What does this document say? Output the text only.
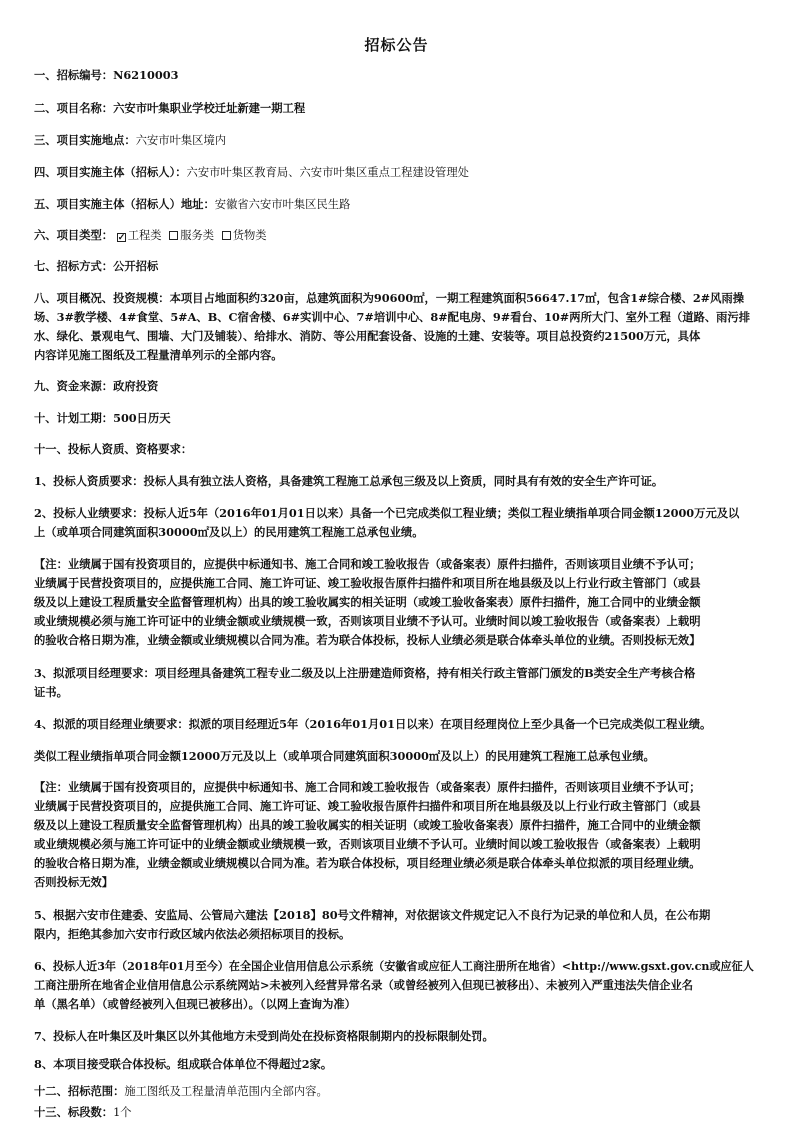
招标公告
一、招标编号：N6210003
二、项目名称：六安市叶集职业学校迁址新建一期工程
三、项目实施地点：六安市叶集区境内
四、项目实施主体（招标人）：六安市叶集区教育局、六安市叶集区重点工程建设管理处
五、项目实施主体（招标人）地址：安徽省六安市叶集区民生路
六、项目类型： ✓ 工程类 服务类 货物类
七、招标方式：公开招标
八、项目概况、投资规模：本项目占地面积约320亩，总建筑面积为90600㎡，一期工程建筑面积56647.17㎡，包含1#综合楼、2#风雨操
场、3#教学楼、4#食堂、5#A、B、C宿舍楼、6#实训中心、7#培训中心、8#配电房、9#看台、10#两所大门、室外工程（道路、雨污排
水、绿化、景观电气、围墙、大门及铺装）、给排水、消防、等公用配套设备、设施的土建、安装等。项目总投资约21500万元，具体
内容详见施工图纸及工程量清单列示的全部内容。
九、资金来源：政府投资
十、计划工期：500日历天
十一、投标人资质、资格要求：
1、投标人资质要求：投标人具有独立法人资格，具备建筑工程施工总承包三级及以上资质，同时具有有效的安全生产许可证。
2、投标人业绩要求：投标人近5年（2016年01月01日以来）具备一个已完成类似工程业绩；类似工程业绩指单项合同金额12000万元及以
上（或单项合同建筑面积30000㎡及以上）的民用建筑工程施工总承包业绩。
【注：业绩属于国有投资项目的，应提供中标通知书、施工合同和竣工验收报告（或备案表）原件扫描件，否则该项目业绩不予认可；
业绩属于民营投资项目的，应提供施工合同、施工许可证、竣工验收报告原件扫描件和项目所在地县级及以上行业行政主管部门（或县
级及以上建设工程质量安全监督管理机构）出具的竣工验收属实的相关证明（或竣工验收备案表）原件扫描件，施工合同中的业绩金额
或业绩规模必须与施工许可证中的业绩金额或业绩规模一致，否则该项目业绩不予认可。业绩时间以竣工验收报告（或备案表）上载明
的验收合格日期为准，业绩金额或业绩规模以合同为准。若为联合体投标，投标人业绩必须是联合体牵头单位的业绩。否则投标无效】
3、拟派项目经理要求：项目经理具备建筑工程专业二级及以上注册建造师资格，持有相关行政主管部门颁发的B类安全生产考核合格
证书。
4、拟派的项目经理业绩要求：拟派的项目经理近5年（2016年01月01日以来）在项目经理岗位上至少具备一个已完成类似工程业绩。
类似工程业绩指单项合同金额12000万元及以上（或单项合同建筑面积30000㎡及以上）的民用建筑工程施工总承包业绩。
【注：业绩属于国有投资项目的，应提供中标通知书、施工合同和竣工验收报告（或备案表）原件扫描件，否则该项目业绩不予认可；
业绩属于民营投资项目的，应提供施工合同、施工许可证、竣工验收报告原件扫描件和项目所在地县级及以上行业行政主管部门（或县
级及以上建设工程质量安全监督管理机构）出具的竣工验收属实的相关证明（或竣工验收备案表）原件扫描件，施工合同中的业绩金额
或业绩规模必须与施工许可证中的业绩金额或业绩规模一致，否则该项目业绩不予认可。业绩时间以竣工验收报告（或备案表）上载明
的验收合格日期为准，业绩金额或业绩规模以合同为准。若为联合体投标，项目经理业绩必须是联合体牵头单位拟派的项目经理业绩。
否则投标无效】
5、根据六安市住建委、安监局、公管局六建法【2018】80号文件精神，对依据该文件规定记入不良行为记录的单位和人员，在公布期
限内，拒绝其参加六安市行政区域内依法必须招标项目的投标。
6、投标人近3年（2018年01月至今）在全国企业信用信息公示系统（安徽省或应征人工商注册所在地省）<http://www.gsxt.gov.cn或应征人
工商注册所在地省企业信用信息公示系统网站>未被列入经营异常名录（或曾经被列入但现已被移出）、未被列入严重违法失信企业名
单（黑名单）（或曾经被列入但现已被移出）。（以网上查询为准）
7、投标人在叶集区及叶集区以外其他地方未受到尚处在投标资格限制期内的投标限制处罚。
8、本项目接受联合体投标。组成联合体单位不得超过2家。
十二、招标范围：施工图纸及工程量清单范围内全部内容。
十三、标段数：1个
